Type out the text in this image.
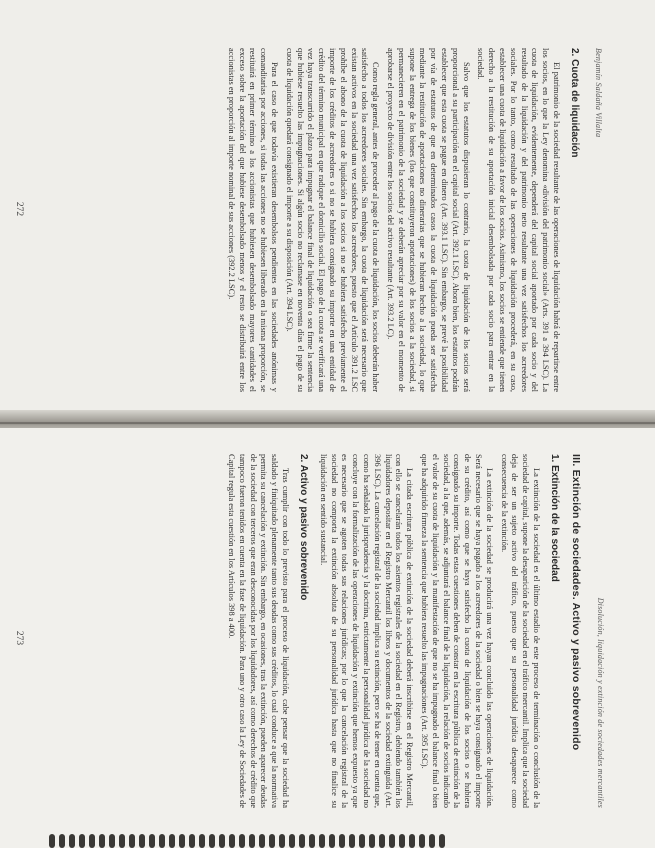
Benjamín Saldaña Villalta
2. Cuota de liquidación

El patrimonio de la sociedad resultante de las operaciones de liquidación habrá de repartirse entre los socios, en lo que la Ley denomina «división del patrimonio social» (Arts. 391 a 394 LSC). La cuota de liquidación, evidentemente, dependerá del capital social aportado por cada socio y del resultado de la liquidación y del patrimonio neto resultante una vez satisfechos los acreedores sociales. Por lo tanto, como resultado de las operaciones de liquidación procederá, en su caso, establecer una cuota de liquidación a favor de los socios. Asimismo, los socios se entiende que tienen derecho a la restitución de su aportación inicial desembolsada por cada socio para entrar en la sociedad.

Salvo que los estatutos dispusieran lo contrario, la cuota de liquidación de los socios será proporcional a su participación en el capital social (Art. 392.1 LSC). Ahora bien, los estatutos podrán establecer que esta cuota se pague en dinero (Art. 393.1 LSC). Sin embargo, se prevé la posibilidad por vía de estatutos de que en determinados casos la cuota de liquidación pueda ser satisfecha mediante la restitución de aportaciones no dinerarias que se hubieran hecho a la sociedad, lo que supone la entrega de los bienes (los que constituyeron aportaciones) de los socios a la sociedad, si permanecieren en el patrimonio de la sociedad y se deberán apreciar por su valor en el momento de aprobarse el proyecto de división entre los socios del activo resultante (Art. 393.2 LC).

Como regla general, antes de proceder al pago de la cuota de liquidación, los socios deberán haber satisfecho a todos los acreedores sociales. Sin embargo, la cuota de liquidación será necesario que existan activos en la sociedad una vez satisfechos los acreedores, puesto que el Artículo 391.2 LSC prohíbe el abono de la cuota de liquidación a los socios si no se hubiera satisfecho previamente el importe de los créditos de acreedores o si no se hubiera consignado su importe en una entidad de crédito del término municipal en que radique el domicilio social. El pago de la cuota se verificará una vez haya transcurrido el plazo para impugnar el balance final de liquidación o sea firme la sentencia que hubiese resuelto las impugnaciones. Si algún socio no reclamase en noventa días el pago de su cuota de liquidación quedará consignado el importe a su disposición (Art. 394 LSC).

Para el caso de que todavía existieran desembolsos pendientes en las sociedades anónimas y comanditarias por acciones, si todas las acciones no se hubiesen liberado en la misma proporción, se restituirá en primer término a los accionistas que hubiesen desembolsado mayores cantidades el exceso sobre la aportación del que hubiese desembolsado menos y el resto se distribuirá entre los accionistas en proporción al importe nominal de sus acciones (392.2 LSC).

272
Disolución, liquidación y extinción de sociedades mercantiles
III. Extinción de sociedades. Activo y pasivo sobrevenido
1. Extinción de la sociedad

La extinción de la sociedad es el último estadio de este proceso de terminación o conclusión de la sociedad de capital, supone la desaparición de la sociedad en el tráfico mercantil. Implica que la sociedad deja de ser un sujeto activo del tráfico, puesto que su personalidad jurídica desaparece como consecuencia de la extinción.

La extinción de la sociedad se producirá una vez hayan concluido las operaciones de liquidación. Será necesario que se haya pagado a los acreedores de la sociedad o bien se haya consignado el importe de su crédito, así como que se haya satisfecho la cuota de liquidación de los socios o se hubiera consignado su importe. Todas estas cuestiones deben de constar en la escritura pública de extinción de la sociedad, a la que, además, se adjuntará el balance final de la liquidación, la relación de socios indicando el valor de su cuota de liquidación y la manifestación de que no se ha impugnado el balance final o bien que ha adquirido firmeza la sentencia que hubiera resuelto las impugnaciones (Art. 395 LSC).

La citada escritura pública de extinción de la sociedad deberá inscribirse en el Registro Mercantil, con ello se cancelarán todos los asientos registrales de la sociedad en el Registro, debiendo también los liquidadores depositar en el Registro Mercantil los libros y documentos de la sociedad extinguida (Art. 396 LSC). La cancelación registral de la sociedad implica su extinción, pero se ha de tener en cuenta que, como ha señalado la jurisprudencia y la doctrina, estrictamente la personalidad jurídica de la sociedad no concluye con la formalización de las operaciones de liquidación y extinción que hemos expuesto ya que es necesario que se agoten todas sus relaciones jurídicas; por lo que la cancelación registral de la sociedad no comporta la extinción absoluta de su personalidad jurídica hasta que no finalice su liquidación en sentido sustancial.

2. Activo y pasivo sobrevenido

Tras cumplir con todo lo previsto para el proceso de liquidación, cabe pensar que la sociedad ha saldado y finiquitado plenamente tanto sus deudas como sus créditos, lo cual conduce a que la normativa permita su cancelación y extinción. Sin embargo, en ocasiones, tras la extinción, pueden aparecer deudas de la sociedad con terceros que eran desconocidas por los liquidadores, así como derechos de crédito que tampoco fueron tenidos en cuenta en la fase de liquidación. Para uno y otro caso la Ley de Sociedades de Capital regula esta cuestión en los Artículos 398 a 400.

273
